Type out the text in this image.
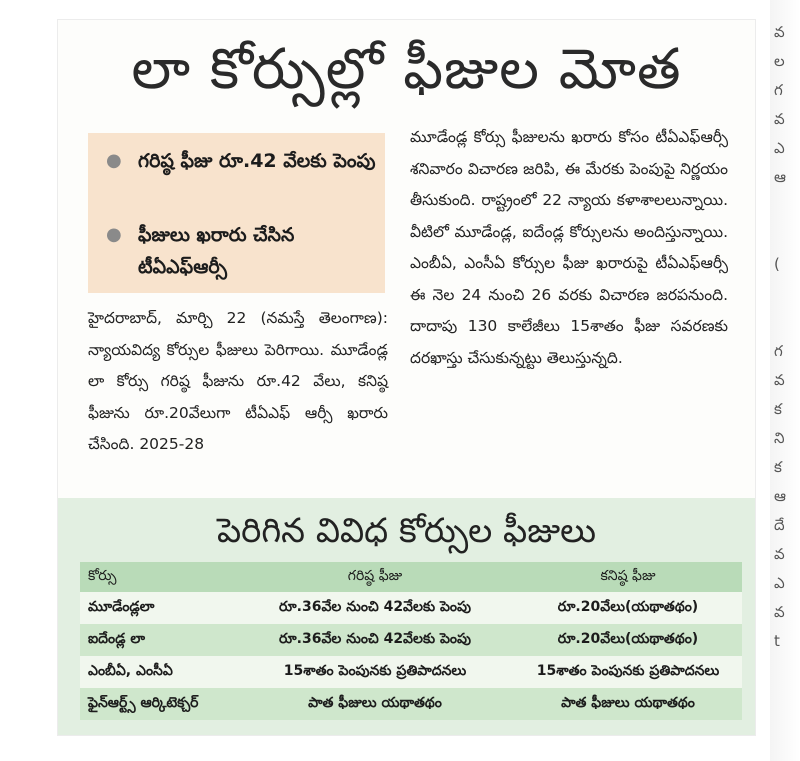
లా కోర్సుల్లో ఫీజుల మోత
● గరిష్ఠ ఫీజు రూ.42 వేలకు పెంపు
● ఫీజులు ఖరారు చేసిన టీఏఎఫ్‌ఆర్సీ

హైదరాబాద్, మార్చి 22 (నమస్తే తెలంగాణ): న్యాయవిద్య కోర్సుల ఫీజులు పెరిగాయి. మూడేండ్ల లా కోర్సు గరిష్ఠ ఫీజును రూ.42 వేలు, కనిష్ఠ ఫీజును రూ.20వేలుగా టీఏఎఫ్ ఆర్సీ ఖరారు చేసింది. 2025-28

మూడేండ్ల కోర్సు ఫీజులను ఖరారు కోసం టీఏఎఫ్ఆర్సీ శనివారం విచారణ జరిపి, ఈ మేరకు పెంపుపై నిర్ణయం తీసుకుంది. రాష్ట్రంలో 22 న్యాయ కళాశాలలున్నాయి. వీటిలో మూడేండ్ల, ఐదేండ్ల కోర్సులను అందిస్తున్నాయి. ఎంబీఏ, ఎంసీఏ కోర్సుల ఫీజు ఖరారుపై టీఏఎఫ్ఆర్సీ ఈ నెల 24 నుంచి 26 వరకు విచారణ జరపనుంది. దాదాపు 130 కాలేజీలు 15శాతం ఫీజు సవరణకు దరఖాస్తు చేసుకున్నట్టు తెలుస్తున్నది.

పెరిగిన వివిధ కోర్సుల ఫీజులు
కోర్సు	గరిష్ఠ ఫీజు	కనిష్ఠ ఫీజు
మూడేండ్లలా	రూ.36వేల నుంచి 42వేలకు పెంపు	రూ.20వేలు(యథాతథం)
ఐదేండ్ల లా	రూ.36వేల నుంచి 42వేలకు పెంపు	రూ.20వేలు(యథాతథం)
ఎంబీఏ, ఎంసీఏ	15శాతం పెంపునకు ప్రతిపాదనలు	15శాతం పెంపునకు ప్రతిపాదనలు
ఫైన్ఆర్ట్స్ ఆర్కిటెక్చర్	పాత ఫీజులు యథాతథం	పాత ఫీజులు యథాతథం
వ
ల
గ
వ
ఎ
ఆ

(

గ
వ
క
ని
క
ఆ
దే
వ
ఎ
వ
t
